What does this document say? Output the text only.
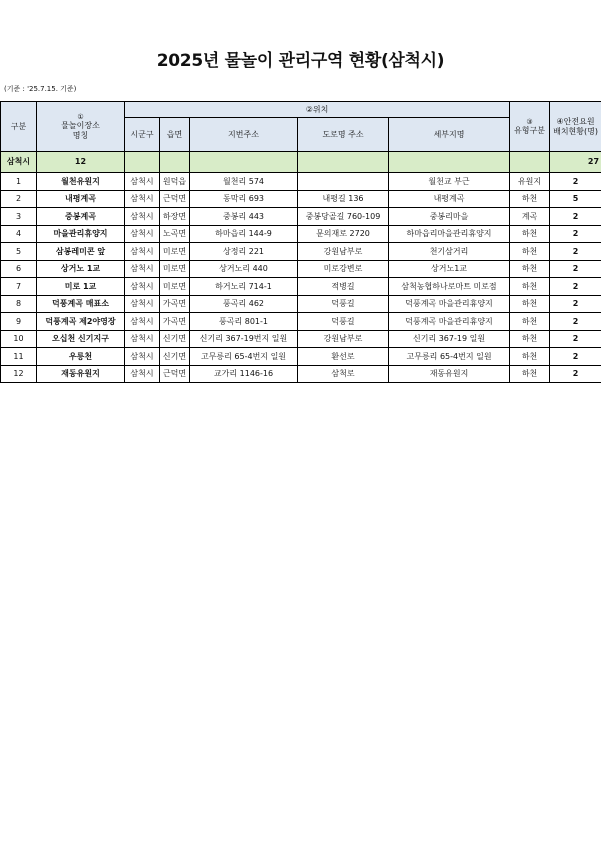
2025년 물놀이 관리구역 현황(삼척시)
(기준 : '25.7.15. 기준)
구분	①
물놀이장소
명칭	②위치					③
유형구분	④안전요원
배치현황(명)

		시군구	읍면	지번주소	도로명 주소	세부지명		
삼척시	12							27
1	월천유원지	삼척시	원덕읍	월천리 574		월천교 부근	유원지	2
2	내평계곡	삼척시	근덕면	동막리 693	내평길 136	내평계곡	하천	5
3	중봉계곡	삼척시	하장면	중봉리 443	중봉당골길 760-109	중봉리마을	계곡	2
4	마을관리휴양지	삼척시	노곡면	하마읍리 144-9	문의재로 2720	하마읍리마을관리휴양지	하천	2
5	삼봉레미콘 앞	삼척시	미로면	상정리 221	강원남부로	천기삼거리	하천	2
6	상거노 1교	삼척시	미로면	상거노리 440	미로강변로	상거노1교	하천	2
7	미로 1교	삼척시	미로면	하거노리 714-1	적병길	삼척농협하나로마트 미로점	하천	2
8	덕풍계곡 매표소	삼척시	가곡면	풍곡리 462	덕풍길	덕풍계곡 마을관리휴양지	하천	2
9	덕풍계곡 제2야영장	삼척시	가곡면	풍곡리 801-1	덕풍길	덕풍계곡 마을관리휴양지	하천	2
10	오십천 신기지구	삼척시	신기면	신기리 367-19번지 일원	강원남부로	신기리 367-19 일원	하천	2
11	우릉천	삼척시	신기면	고무릉리 65-4번지 일원	환선로	고무릉리 65-4번지 일원	하천	2
12	재동유원지	삼척시	근덕면	교가리 1146-16	삼척로	재동유원지	하천	2
